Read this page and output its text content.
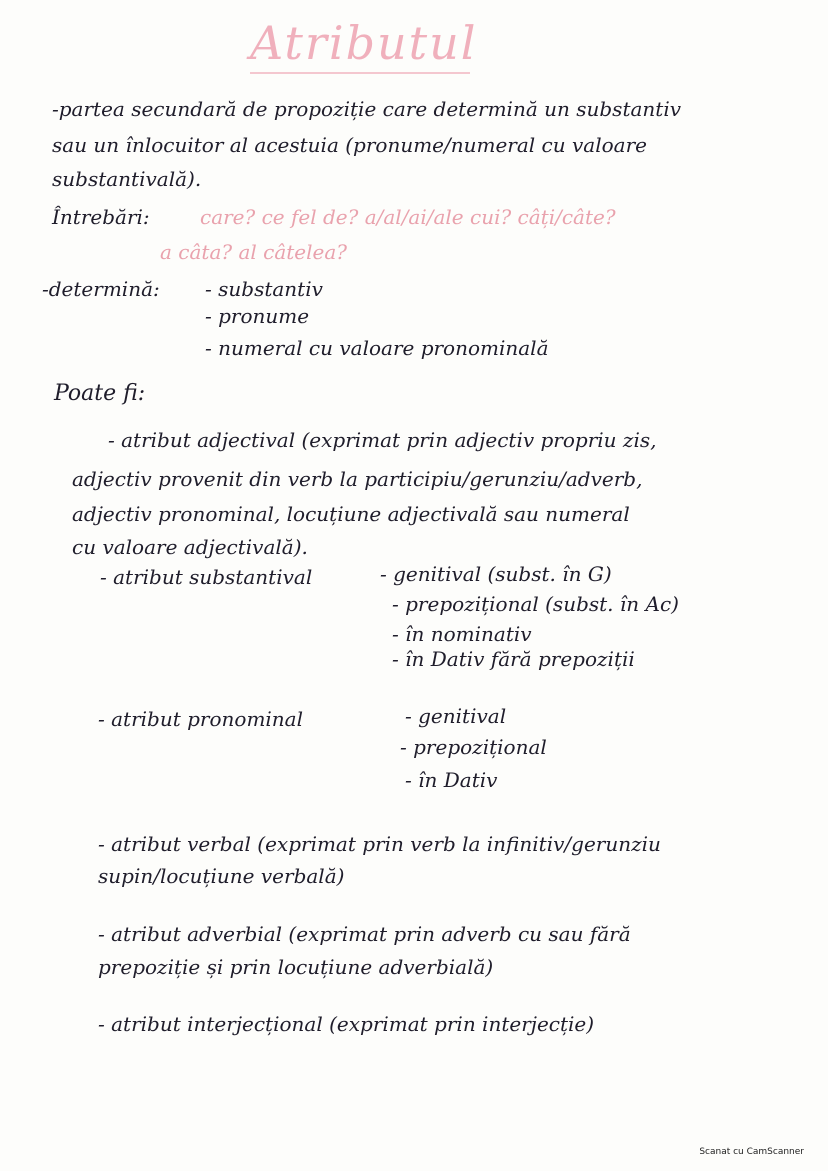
Atributul
-partea secundară de propoziție care determină un substantiv
sau un înlocuitor al acestuia (pronume/numeral cu valoare
substantivală).
Întrebări:	care? ce fel de? a/al/ai/ale cui? câți/câte?
a câta? al câtelea?
-determină: - substantiv
- pronume
- numeral cu valoare pronominală
Poate fi:
- atribut adjectival (exprimat prin adjectiv propriu zis,
adjectiv provenit din verb la participiu/gerunziu/adverb,
adjectiv pronominal, locuțiune adjectivală sau numeral
cu valoare adjectivală).
- atribut substantival	- genitival (subst. în G)
- prepozițional (subst. în Ac)
- în nominativ
- în Dativ fără prepoziții
- atribut pronominal	- genitival
- prepozițional
- în Dativ
- atribut verbal (exprimat prin verb la infinitiv/gerunziu
supin/locuțiune verbală)
- atribut adverbial (exprimat prin adverb cu sau fără
prepoziție și prin locuțiune adverbială)
- atribut interjecțional (exprimat prin interjecție)
Scanat cu CamScanner
